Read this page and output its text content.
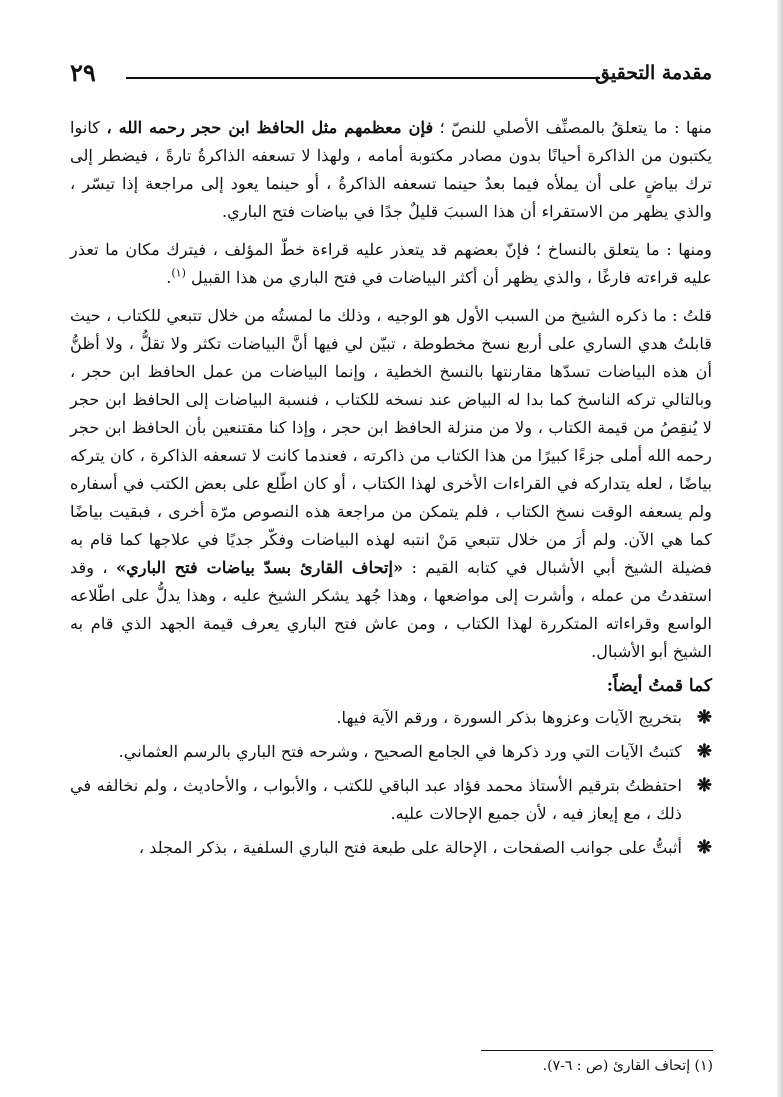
مقدمة التحقيق
٢٩

منها : ما يتعلقُ بالمصنِّف الأصلي للنصّ ؛ فإن معظمهم مثل الحافظ ابن حجر رحمه الله ، كانوا يكتبون من الذاكرة أحيانًا بدون مصادر مكتوبة أمامه ، ولهذا لا تسعفه الذاكرةُ تارةً ، فيضطر إلى ترك بياضٍ على أن يملأه فيما بعدُ حينما تسعفه الذاكرةُ ، أو حينما يعود إلى مراجعة إذا تيسّر ، والذي يظهر من الاستقراء أن هذا السببَ قليلٌ جدًا في بياضات فتح الباري.

ومنها : ما يتعلق بالنساخ ؛ فإنّ بعضهم قد يتعذر عليه قراءة خطّ المؤلف ، فيترك مكان ما تعذر عليه قراءته فارغًا ، والذي يظهر أن أكثر البياضات في فتح الباري من هذا القبيل $^{(١)}$.

قلتُ : ما ذكره الشيخ من السبب الأول هو الوجيه ، وذلك ما لمستُه من خلال تتبعي للكتاب ، حيث قابلتُ هدي الساري على أربع نسخ مخطوطة ، تبيّن لي فيها أنَّ البياضات تكثر ولا تقلُّ ، ولا أظنُّ أن هذه البياضات تسدّها مقارنتها بالنسخ الخطية ، وإنما البياضات من عمل الحافظ ابن حجر ، وبالتالي تركه الناسخ كما بدا له البياض عند نسخه للكتاب ، فنسبة البياضات إلى الحافظ ابن حجر لا يُنقِصُ من قيمة الكتاب ، ولا من منزلة الحافظ ابن حجر ، وإذا كنا مقتنعين بأن الحافظ ابن حجر رحمه الله أملى جزءًا كبيرًا من هذا الكتاب من ذاكرته ، فعندما كانت لا تسعفه الذاكرة ، كان يتركه بياضًا ، لعله يتداركه في القراءات الأخرى لهذا الكتاب ، أو كان اطّلع على بعض الكتب في أسفاره ولم يسعفه الوقت نسخ الكتاب ، فلم يتمكن من مراجعة هذه النصوص مرّة أخرى ، فبقيت بياضًا كما هي الآن. ولم أرَ من خلال تتبعي مَنْ انتبه لهذه البياضات وفكّر جديًا في علاجها كما قام به فضيلة الشيخ أبي الأشبال في كتابه القيم : «إتحاف القارئ بسدّ بياضات فتح الباري» ، وقد استفدتُ من عمله ، وأشرت إلى مواضعها ، وهذا جُهد يشكر الشيخ عليه ، وهذا يدلُّ على اطّلاعه الواسع وقراءاته المتكررة لهذا الكتاب ، ومن عاش فتح الباري يعرف قيمة الجهد الذي قام به الشيخ أبو الأشبال.

كما قمتُ أيضاً:
❋
بتخريج الآيات وعزوها بذكر السورة ، ورقم الآية فيها.
❋
كتبتُ الآيات التي ورد ذكرها في الجامع الصحيح ، وشرحه فتح الباري بالرسم العثماني.
❋
احتفظتُ بترقيم الأستاذ محمد فؤاد عبد الباقي للكتب ، والأبواب ، والأحاديث ، ولم نخالفه في ذلك ، مع إيعاز فيه ، لأن جميع الإحالات عليه.
❋
أثبتُّ على جوانب الصفحات ، الإحالة على طبعة فتح الباري السلفية ، بذكر المجلد ،
(١) إتحاف القارئ (ص : ٦-٧).
